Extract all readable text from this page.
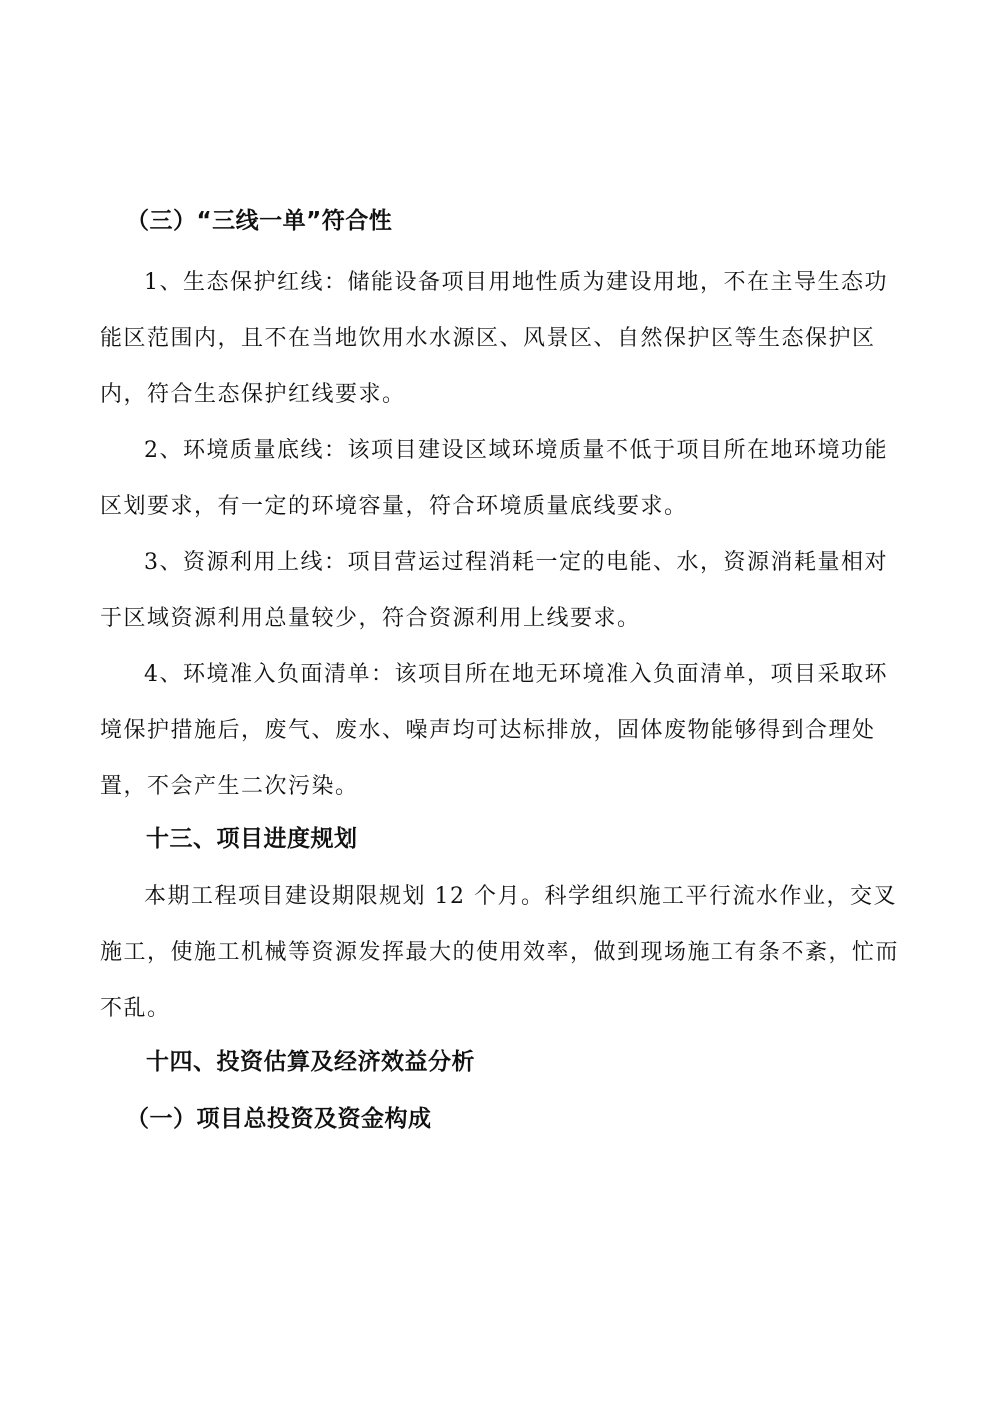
（三）“三线一单”符合性

1、生态保护红线：储能设备项目用地性质为建设用地，不在主导生态功能区范围内，且不在当地饮用水水源区、风景区、自然保护区等生态保护区内，符合生态保护红线要求。

2、环境质量底线：该项目建设区域环境质量不低于项目所在地环境功能区划要求，有一定的环境容量，符合环境质量底线要求。

3、资源利用上线：项目营运过程消耗一定的电能、水，资源消耗量相对于区域资源利用总量较少，符合资源利用上线要求。

4、环境准入负面清单：该项目所在地无环境准入负面清单，项目采取环境保护措施后，废气、废水、噪声均可达标排放，固体废物能够得到合理处置，不会产生二次污染。

十三、项目进度规划

本期工程项目建设期限规划 12 个月。科学组织施工平行流水作业，交叉施工，使施工机械等资源发挥最大的使用效率，做到现场施工有条不紊，忙而不乱。

十四、投资估算及经济效益分析
（一）项目总投资及资金构成
